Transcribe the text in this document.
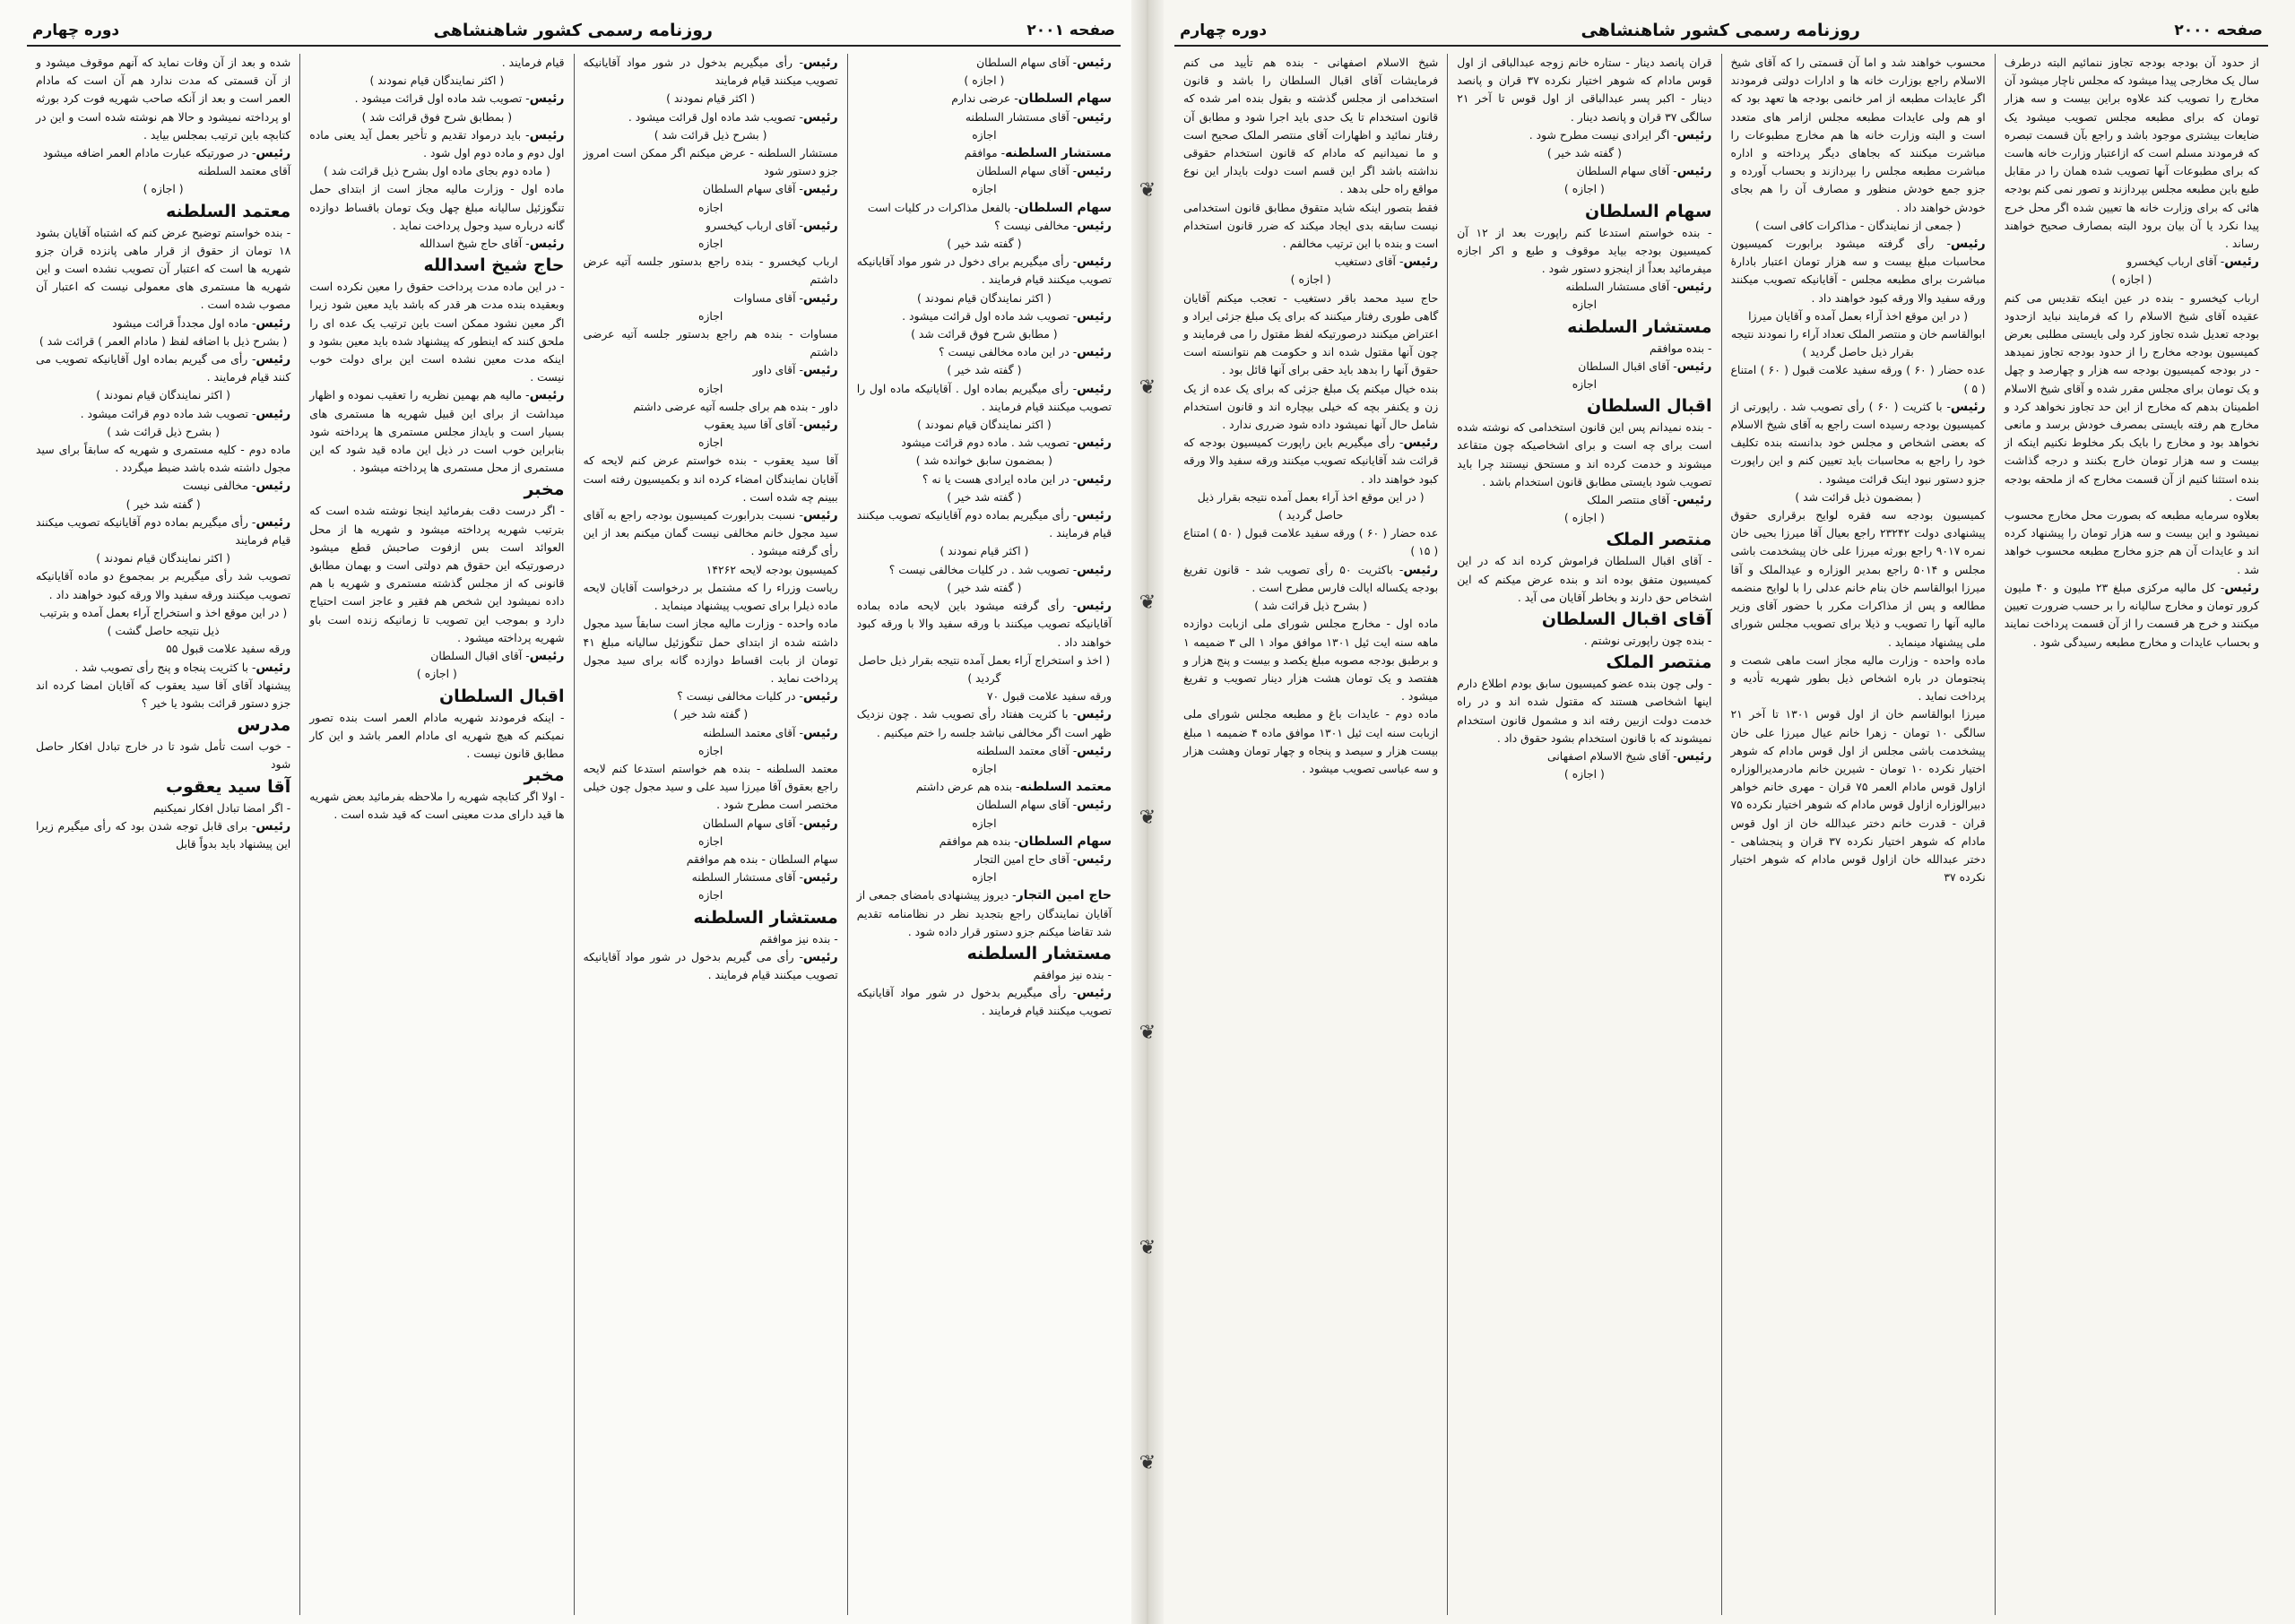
صفحه ۲۰۰۱
روزنامه رسمی کشور شاهنشاهی
دوره چهارم
رئیس- آقای سهام السلطان

( اجازه )
سهام السلطان- عرضی ندارم
رئیس- آقای مستشار السلطنه

اجازه
مستشار السلطنه- موافقم
رئیس- آقای سهام السلطان

اجازه
سهام السلطان- بالفعل مذاکرات در کلیات است
رئیس- مخالفی نیست ؟

( گفته شد خیر )
رئیس- رأی میگیریم برای دخول در شور مواد آقایانیکه تصویب میکنند قیام فرمایند .

( اکثر نمایندگان قیام نمودند )
رئیس- تصویب شد ماده اول قرائت میشود .

( مطابق شرح فوق قرائت شد )
رئیس- در این ماده مخالفی نیست ؟

( گفته شد خیر )
رئیس- رأی میگیریم بماده اول . آقایانیکه ماده اول را تصویب میکنند قیام فرمایند .

( اکثر نمایندگان قیام نمودند )
رئیس- تصویب شد . ماده دوم قرائت میشود

( بمضمون سابق خوانده شد )
رئیس- در این ماده ایرادی هست یا نه ؟

( گفته شد خیر )
رئیس- رأی میگیریم بماده دوم آقایانیکه تصویب میکنند قیام فرمایند .

( اکثر قیام نمودند )
رئیس- تصویب شد . در کلیات مخالفی نیست ؟

( گفته شد خیر )
رئیس- رأی گرفته میشود باین لایحه ماده بماده آقایانیکه تصویب میکنند با ورقه سفید والا با ورقه کبود خواهند داد .

( اخذ و استخراج آراء بعمل آمده نتیجه بقرار ذیل حاصل گردید )
ورقه سفید علامت قبول ۷۰
رئیس- با کثریت هفتاد رأی تصویب شد . چون نزدیک ظهر است اگر مخالفی نباشد جلسه را ختم میکنیم .
رئیس- آقای معتمد السلطنه

اجازه
معتمد السلطنه- بنده هم عرض داشتم
رئیس- آقای سهام السلطان

اجازه
سهام السلطان- بنده هم موافقم
رئیس- آقای حاج امین التجار

اجازه
حاج امین التجار- دیروز پیشنهادی بامضای جمعی از آقایان نمایندگان راجع بتجدید نظر در نظامنامه تقدیم شد تقاضا میکنم جزو دستور قرار داده شود .

مستشار السلطنه
- بنده نیز موافقم
رئیس- رأی میگیریم بدخول در شور مواد آقایانیکه تصویب میکنند قیام فرمایند .

رئیس- رأی میگیریم بدخول در شور مواد آقایانیکه تصویب میکنند قیام فرمایند

( اکثر قیام نمودند )
رئیس- تصویب شد ماده اول قرائت میشود .

( بشرح ذیل قرائت شد )
مستشار السلطنه - عرض میکنم اگر ممکن است امروز جزو دستور شود
رئیس- آقای سهام السلطان

اجازه
رئیس- آقای ارباب کیخسرو

اجازه
ارباب کیخسرو - بنده راجع بدستور جلسه آتیه عرض داشتم
رئیس- آقای مساوات

اجازه
مساوات - بنده هم راجع بدستور جلسه آتیه عرضی داشتم
رئیس- آقای داور

اجازه
داور - بنده هم برای جلسه آتیه عرضی داشتم
رئیس- آقای آقا سید یعقوب

اجازه
آقا سید یعقوب - بنده خواستم عرض کنم لایحه که آقایان نمایندگان امضاء کرده اند و بکمیسیون رفته است ببینم چه شده است .
رئیس- نسبت بدرابورت کمیسیون بودجه راجع به آقای سید مجول خانم مخالفی نیست گمان میکنم بعد از این رأی گرفته میشود .
کمیسیون بودجه لایحه ۱۴۲۶۲
ریاست وزراء را که مشتمل بر درخواست آقایان لایحه ماده ذیلرا برای تصویب پیشنهاد مینماید .
ماده واحده - وزارت مالیه مجاز است سابقاً سید مجول داشته شده از ابتدای حمل تنگوزئیل سالیانه مبلغ ۴۱ تومان از بابت اقساط دوازده گانه برای سید مجول پرداخت نماید .
رئیس- در کلیات مخالفی نیست ؟

( گفته شد خیر )
رئیس- آقای معتمد السلطنه

اجازه
معتمد السلطنه - بنده هم خواستم استدعا کنم لایحه راجع بعقوق آقا میرزا سید علی و سید مجول چون خیلی مختصر است مطرح شود .
رئیس- آقای سهام السلطان

اجازه
سهام السلطان - بنده هم موافقم
رئیس- آقای مستشار السلطنه

اجازه
مستشار السلطنه
- بنده نیز موافقم
رئیس- رأی می گیریم بدخول در شور مواد آقایانیکه تصویب میکنند قیام فرمایند .

قیام فرمایند .

( اکثر نمایندگان قیام نمودند )
رئیس- تصویب شد ماده اول قرائت میشود .

( بمطابق شرح فوق قرائت شد )
رئیس- باید درمواد تقدیم و تأخیر بعمل آید یعنی ماده اول دوم و ماده دوم اول شود .

( ماده دوم بجای ماده اول بشرح ذیل قرائت شد )
ماده اول - وزارت مالیه مجاز است از ابتدای حمل تنگوزئیل سالیانه مبلغ چهل ویک تومان باقساط دوازده گانه درباره سید وجول پرداخت نماید .
رئیس- آقای حاج شیخ اسدالله

حاج شیخ اسدالله
- در این ماده مدت پرداخت حقوق را معین نکرده است وبعقیده بنده مدت هر قدر که باشد باید معین شود زیرا اگر معین نشود ممکن است باین ترتیب یک عده ای را ملحق کنند که اینطور که پیشنهاد شده باید معین بشود و اینکه مدت معین نشده است این برای دولت خوب نیست .
رئیس- مالیه هم بهمین نظریه را تعقیب نموده و اظهار میداشت از برای این قبیل شهریه ها مستمری های بسیار است و بایداز مجلس مستمری ها پرداخته شود بنابراین خوب است در ذیل این ماده قید شود که این مستمری از محل مستمری ها پرداخته میشود .

مخبر
- اگر درست دقت بفرمائید اینجا نوشته شده است که بترتیب شهریه پرداخته میشود و شهریه ها از محل العوائد است بس ازفوت صاحبش قطع میشود درصورتیکه این حقوق هم دولتی است و بهمان مطابق قانونی که از مجلس گذشته مستمری و شهریه با هم داده نمیشود این شخص هم فقیر و عاجز است احتیاج دارد و بموجب این تصویب تا زمانیکه زنده است باو شهریه پرداخته میشود .
رئیس- آقای اقبال السلطان

( اجازه )
اقبال السلطان
- اینکه فرمودند شهریه مادام العمر است بنده تصور نمیکنم که هیچ شهریه ای مادام العمر باشد و این کار مطابق قانون نیست .

مخبر
- اولا اگر کتابچه شهریه را ملاحظه بفرمائید بعض شهریه ها قید دارای مدت معینی است که قید شده است .

شده و بعد از آن وفات نماید که آنهم موقوف میشود و از آن قسمتی که مدت ندارد هم آن است که مادام العمر است و بعد از آنکه صاحب شهریه فوت کرد بورثه او پرداخته نمیشود و حالا هم نوشته شده است و این در کتابچه باین ترتیب بمجلس بیاید .
رئیس- در صورتیکه عبارت مادام العمر اضافه میشود
آقای معتمد السلطنه

( اجازه )
معتمد السلطنه
- بنده خواستم توضیح عرض کنم که اشتباه آقایان بشود ۱۸ تومان از حقوق از قرار ماهی پانزده قران جزو شهریه ها است که اعتبار آن تصویب نشده است و این شهریه ها مستمری های معمولی نیست که اعتبار آن مصوب شده است .
رئیس- ماده اول مجدداً قرائت میشود

( بشرح ذیل با اضافه لفظ ( مادام العمر ) قرائت شد )
رئیس- رأی می گیریم بماده اول آقایانیکه تصویب می کنند قیام فرمایند .

( اکثر نمایندگان قیام نمودند )
رئیس- تصویب شد ماده دوم قرائت میشود .

( بشرح ذیل قرائت شد )
ماده دوم - کلیه مستمری و شهریه که سابقاً برای سید مجول داشته شده باشد ضبط میگردد .
رئیس- مخالفی نیست

( گفته شد خیر )
رئیس- رأی میگیریم بماده دوم آقایانیکه تصویب میکنند قیام فرمایند

( اکثر نمایندگان قیام نمودند )
تصویب شد رأی میگیریم بر بمجموع دو ماده آقایانیکه تصویب میکنند ورقه سفید والا ورقه کبود خواهند داد .

( در این موقع اخذ و استخراج آراء بعمل آمده و بترتیب ذیل نتیجه حاصل گشت )
ورقه سفید علامت قبول ۵۵
رئیس- با کثریت پنجاه و پنج رأی تصویب شد .
پیشنهاد آقای آقا سید یعقوب که آقایان امضا کرده اند جزو دستور قرائت بشود یا خیر ؟

مدرس
- خوب است تأمل شود تا در خارج تبادل افکار حاصل شود

آقا سید یعقوب
- اگر امضا تبادل افکار نمیکنیم
رئیس- برای قابل توجه شدن بود که رأی میگیرم زیرا این پیشنهاد باید بدواً قابل

صفحه ۲۰۰۰
روزنامه رسمی کشور شاهنشاهی
دوره چهارم
از حدود آن بودجه بودجه تجاوز ننمائیم البته درطرف سال یک مخارجی پیدا میشود که مجلس ناچار میشود آن مخارج را تصویب کند علاوه براین بیست و سه هزار تومان که برای مطبعه مجلس تصویب میشود یک ضایعات بیشتری موجود باشد و راجع بآن قسمت تبصره که فرمودند مسلم است که ازاعتبار وزارت خانه هاست که برای مطبوعات آنها تصویب شده همان را در مقابل طبع باین مطبعه مجلس بپردازند و تصور نمی کنم بودجه هائی که برای وزارت خانه ها تعیین شده اگر محل خرج پیدا نکرد یا آن بیان برود البته بمصارف صحیح خواهند رساند .
رئیس- آقای ارباب کیخسرو

( اجازه )
ارباب کیخسرو - بنده در عین اینکه تقدیس می کنم عقیده آقای شیخ الاسلام را که فرمایند نباید ازحدود بودجه تعدیل شده تجاوز کرد ولی بایستی مطلبی بعرض کمیسیون بودجه مخارج را از حدود بودجه تجاوز نمیدهد - در بودجه کمیسیون بودجه سه هزار و چهارصد و چهل و یک تومان برای مجلس مقرر شده و آقای شیخ الاسلام اطمینان بدهم که مخارج از این حد تجاوز نخواهد کرد و مخارج هم رفته بایستی بمصرف خودش برسد و مانعی نخواهد بود و مخارج را بایک بکر مخلوط نکنیم اینکه از بیست و سه هزار تومان خارج بکنند و درجه گذاشت بنده استثنا کنیم از آن قسمت مخارج که از ملحقه بودجه است .
بعلاوه سرمایه مطبعه که بصورت محل مخارج محسوب نمیشود و این بیست و سه هزار تومان را پیشنهاد کرده اند و عایدات آن هم جزو مخارج مطبعه محسوب خواهد شد .
رئیس- کل مالیه مرکزی مبلغ ۲۳ ملیون و ۴۰ ملیون کرور تومان و مخارج سالیانه را بر حسب ضرورت تعیین میکنند و خرج هر قسمت را از آن قسمت پرداخت نمایند و بحساب عایدات و مخارج مطبعه رسیدگی شود .

محسوب خواهند شد و اما آن قسمتی را که آقای شیخ الاسلام راجع بوزارت خانه ها و ادارات دولتی فرمودند اگر عایدات مطبعه از امر خانمی بودجه ها تعهد بود که او هم ولی عایدات مطبعه مجلس ازامر های متعدد است و البته وزارت خانه ها هم مخارج مطبوعات را مباشرت میکنند که بجاهای دیگر پرداخته و اداره مباشرت مطبعه مجلس را بپردازند و بحساب آورده و جزو جمع خودش منظور و مصارف آن را هم بجای خودش خواهند داد .

( جمعی از نمایندگان - مذاکرات کافی است )
رئیس- رأی گرفته میشود برابورت کمیسیون محاسبات مبلغ بیست و سه هزار تومان اعتبار بادارهٔ مباشرت برای مطبعه مجلس - آقایانیکه تصویب میکنند ورقه سفید والا ورقه کبود خواهند داد .

( در این موقع اخذ آراء بعمل آمده و آقایان میرزا ابوالقاسم خان و منتصر الملک تعداد آراء را نمودند نتیجه بقرار ذیل حاصل گردید )
عده حضار ( ۶۰ ) ورقه سفید علامت قبول ( ۶۰ ) امتناع ( ۵ )
رئیس- با کثریت ( ۶۰ ) رأی تصویب شد . راپورتی از کمیسیون بودجه رسیده است راجع به آقای شیخ الاسلام که بعضی اشخاص و مجلس خود بدانسته بنده تکلیف خود را راجع به محاسبات باید تعیین کنم و این راپورت جزو دستور نبود اینک قرائت میشود .

( بمضمون ذیل قرائت شد )
کمیسیون بودجه سه فقره لوایح برقراری حقوق پیشنهادی دولت ۲۳۲۴۲ راجع بعیال آقا میرزا بحیی خان نمره ۹۰۱۷ راجع بورثه میرزا علی خان پیشخدمت باشی مجلس و ۵۰۱۴ راجع بمدیر الوزاره و عیدالملک و آقا میرزا ابوالقاسم خان بنام خانم عدلی را با لوایح منضمه مطالعه و پس از مذاکرات مکرر با حضور آقای وزیر مالیه آنها را تصویب و ذیلا برای تصویب مجلس شورای ملی پیشنهاد مینماید .
ماده واحده - وزارت مالیه مجاز است ماهی شصت و پنجتومان در باره اشخاص ذیل بطور شهریه تأدیه و پرداخت نماید .
میرزا ابوالقاسم خان از اول قوس ۱۳۰۱ تا آخر ۲۱ سالگی ۱۰ تومان - زهرا خانم عیال میرزا علی خان پیشخدمت باشی مجلس از اول قوس مادام که شوهر اختیار نکرده ۱۰ تومان - شیرین خانم مادرمدیرالوزاره ازاول قوس مادام العمر ۷۵ قران - مهری خانم خواهر دبیرالوزاره ازاول قوس مادام که شوهر اختیار نکرده ۷۵ قران - قدرت خانم دختر عبدالله خان از اول قوس مادام که شوهر اختیار نکرده ۳۷ قران و پنجشاهی - دختر عبدالله خان ازاول قوس مادام که شوهر اختیار نکرده ۳۷

قران پانصد دینار - ستاره خانم زوجه عبدالباقی از اول قوس مادام که شوهر اختیار نکرده ۳۷ قران و پانصد دینار - اکبر پسر عبدالباقی از اول قوس تا آخر ۲۱ سالگی ۳۷ قران و پانصد دینار .
رئیس- اگر ایرادی نیست مطرح شود .

( گفته شد خیر )
رئیس- آقای سهام السلطان

( اجازه )
سهام السلطان
- بنده خواستم استدعا کنم راپورت بعد از ۱۲ آن کمیسیون بودجه بیاید موقوف و طبع و اکر اجازه میفرمائید بعداً از اینجزو دستور شود .
رئیس- آقای مستشار السلطنه

اجازه
مستشار السلطنه
- بنده موافقم
رئیس- آقای اقبال السلطان

اجازه
اقبال السلطان
- بنده نمیدانم پس این قانون استخدامی که نوشته شده است برای چه است و برای اشخاصیکه چون متقاعد میشوند و خدمت کرده اند و مستحق نیستند چرا باید تصویب شود بایستی مطابق قانون استخدام باشد .
رئیس- آقای منتصر الملک

( اجازه )
منتصر الملک
- آقای اقبال السلطان فراموش کرده اند که در این کمیسیون متفق بوده اند و بنده عرض میکنم که این اشخاص حق دارند و بخاطر آقایان می آید .

آقای اقبال السلطان
- بنده چون راپورتی نوشتم .

منتصر الملک
- ولی چون بنده عضو کمیسیون سابق بودم اطلاع دارم اینها اشخاصی هستند که مقتول شده اند و در راه خدمت دولت ازبین رفته اند و مشمول قانون استخدام نمیشوند که با قانون استخدام بشود حقوق داد .
رئیس- آقای شیخ الاسلام اصفهانی

( اجازه )
شیخ الاسلام اصفهانی - بنده هم تأیید می کنم فرمایشات آقای اقبال السلطان را باشد و قانون استخدامی از مجلس گذشته و بقول بنده امر شده که قانون استخدام تا یک حدی باید اجرا شود و مطابق آن رفتار نمائید و اظهارات آقای منتصر الملک صحیح است و ما نمیدانیم که مادام که قانون استخدام حقوقی نداشته باشد اگر این قسم است دولت بایدار این نوع مواقع راه حلی بدهد .
فقط بتصور اینکه شاید متقوق مطابق قانون استخدامی نیست سابقه بدی ایجاد میکند که ضرر قانون استخدام است و بنده با این ترتیب مخالفم .
رئیس- آقای دستغیب

( اجازه )
حاج سید محمد باقر دستغیب - تعجب میکنم آقایان گاهی طوری رفتار میکنند که برای یک مبلغ جزئی ایراد و اعتراض میکنند درصورتیکه لفظ مقتول را می فرمایند و چون آنها مقتول شده اند و حکومت هم نتوانسته است حقوق آنها را بدهد باید حقی برای آنها قائل بود .
بنده خیال میکنم یک مبلغ جزئی که برای یک عده از یک زن و یکنفر بچه که خیلی بیچاره اند و قانون استخدام شامل حال آنها نمیشود داده شود ضرری ندارد .
رئیس- رأی میگیریم باین راپورت کمیسیون بودجه که قرائت شد آقایانیکه تصویب میکنند ورقه سفید والا ورقه کبود خواهند داد .

( در این موقع اخذ آراء بعمل آمده نتیجه بقرار ذیل حاصل گردید )
عده حضار ( ۶۰ ) ورقه سفید علامت قبول ( ۵۰ ) امتناع ( ۱۵ )
رئیس- باکثریت ۵۰ رأی تصویب شد - قانون تفریغ بودجه یکساله ایالت فارس مطرح است .

( بشرح ذیل قرائت شد )
ماده اول - مخارج مجلس شورای ملی ازبابت دوازده ماهه سنه ایت ئیل ۱۳۰۱ موافق مواد ۱ الی ۳ ضمیمه ۱ و برطبق بودجه مصوبه مبلغ یکصد و بیست و پنج هزار و هفتصد و یک تومان هشت هزار دینار تصویب و تفریغ میشود .
ماده دوم - عایدات باغ و مطبعه مجلس شورای ملی ازبابت سنه ایت ئیل ۱۳۰۱ موافق ماده ۴ ضمیمه ۱ مبلغ بیست هزار و سیصد و پنجاه و چهار تومان وهشت هزار و سه عباسی تصویب میشود .

❦
❦
❦
❦
❦
❦
❦
